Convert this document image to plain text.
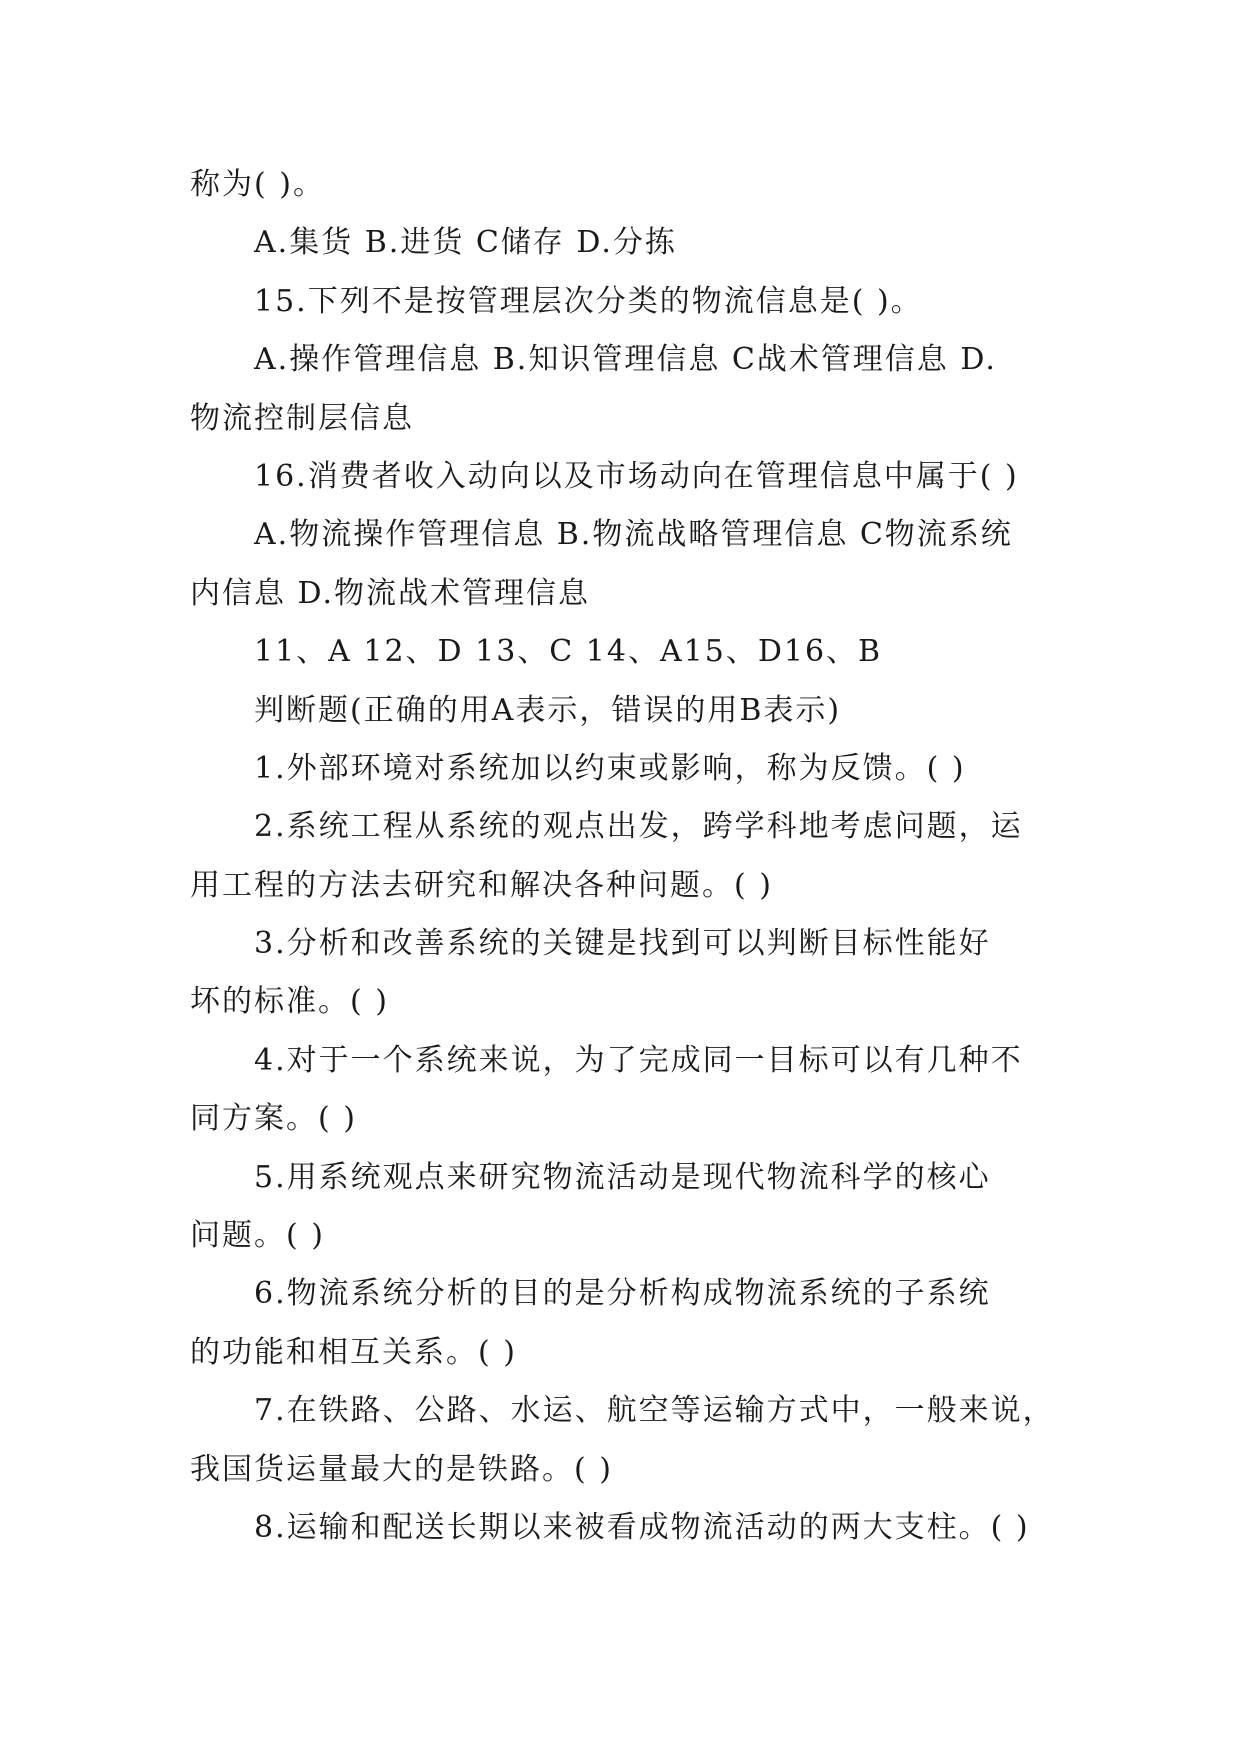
称为( )。
A.集货 B.进货 C储存 D.分拣
15.下列不是按管理层次分类的物流信息是( )。
A.操作管理信息 B.知识管理信息 C战术管理信息 D.
物流控制层信息
16.消费者收入动向以及市场动向在管理信息中属于( )
A.物流操作管理信息 B.物流战略管理信息 C物流系统
内信息 D.物流战术管理信息
11、A 12、D 13、C 14、A15、D16、B
判断题(正确的用A表示，错误的用B表示)
1.外部环境对系统加以约束或影响，称为反馈。( )
2.系统工程从系统的观点出发，跨学科地考虑问题，运
用工程的方法去研究和解决各种问题。( )
3.分析和改善系统的关键是找到可以判断目标性能好
坏的标准。( )
4.对于一个系统来说，为了完成同一目标可以有几种不
同方案。( )
5.用系统观点来研究物流活动是现代物流科学的核心
问题。( )
6.物流系统分析的目的是分析构成物流系统的子系统
的功能和相互关系。( )
7.在铁路、公路、水运、航空等运输方式中，一般来说，
我国货运量最大的是铁路。( )
8.运输和配送长期以来被看成物流活动的两大支柱。( )
